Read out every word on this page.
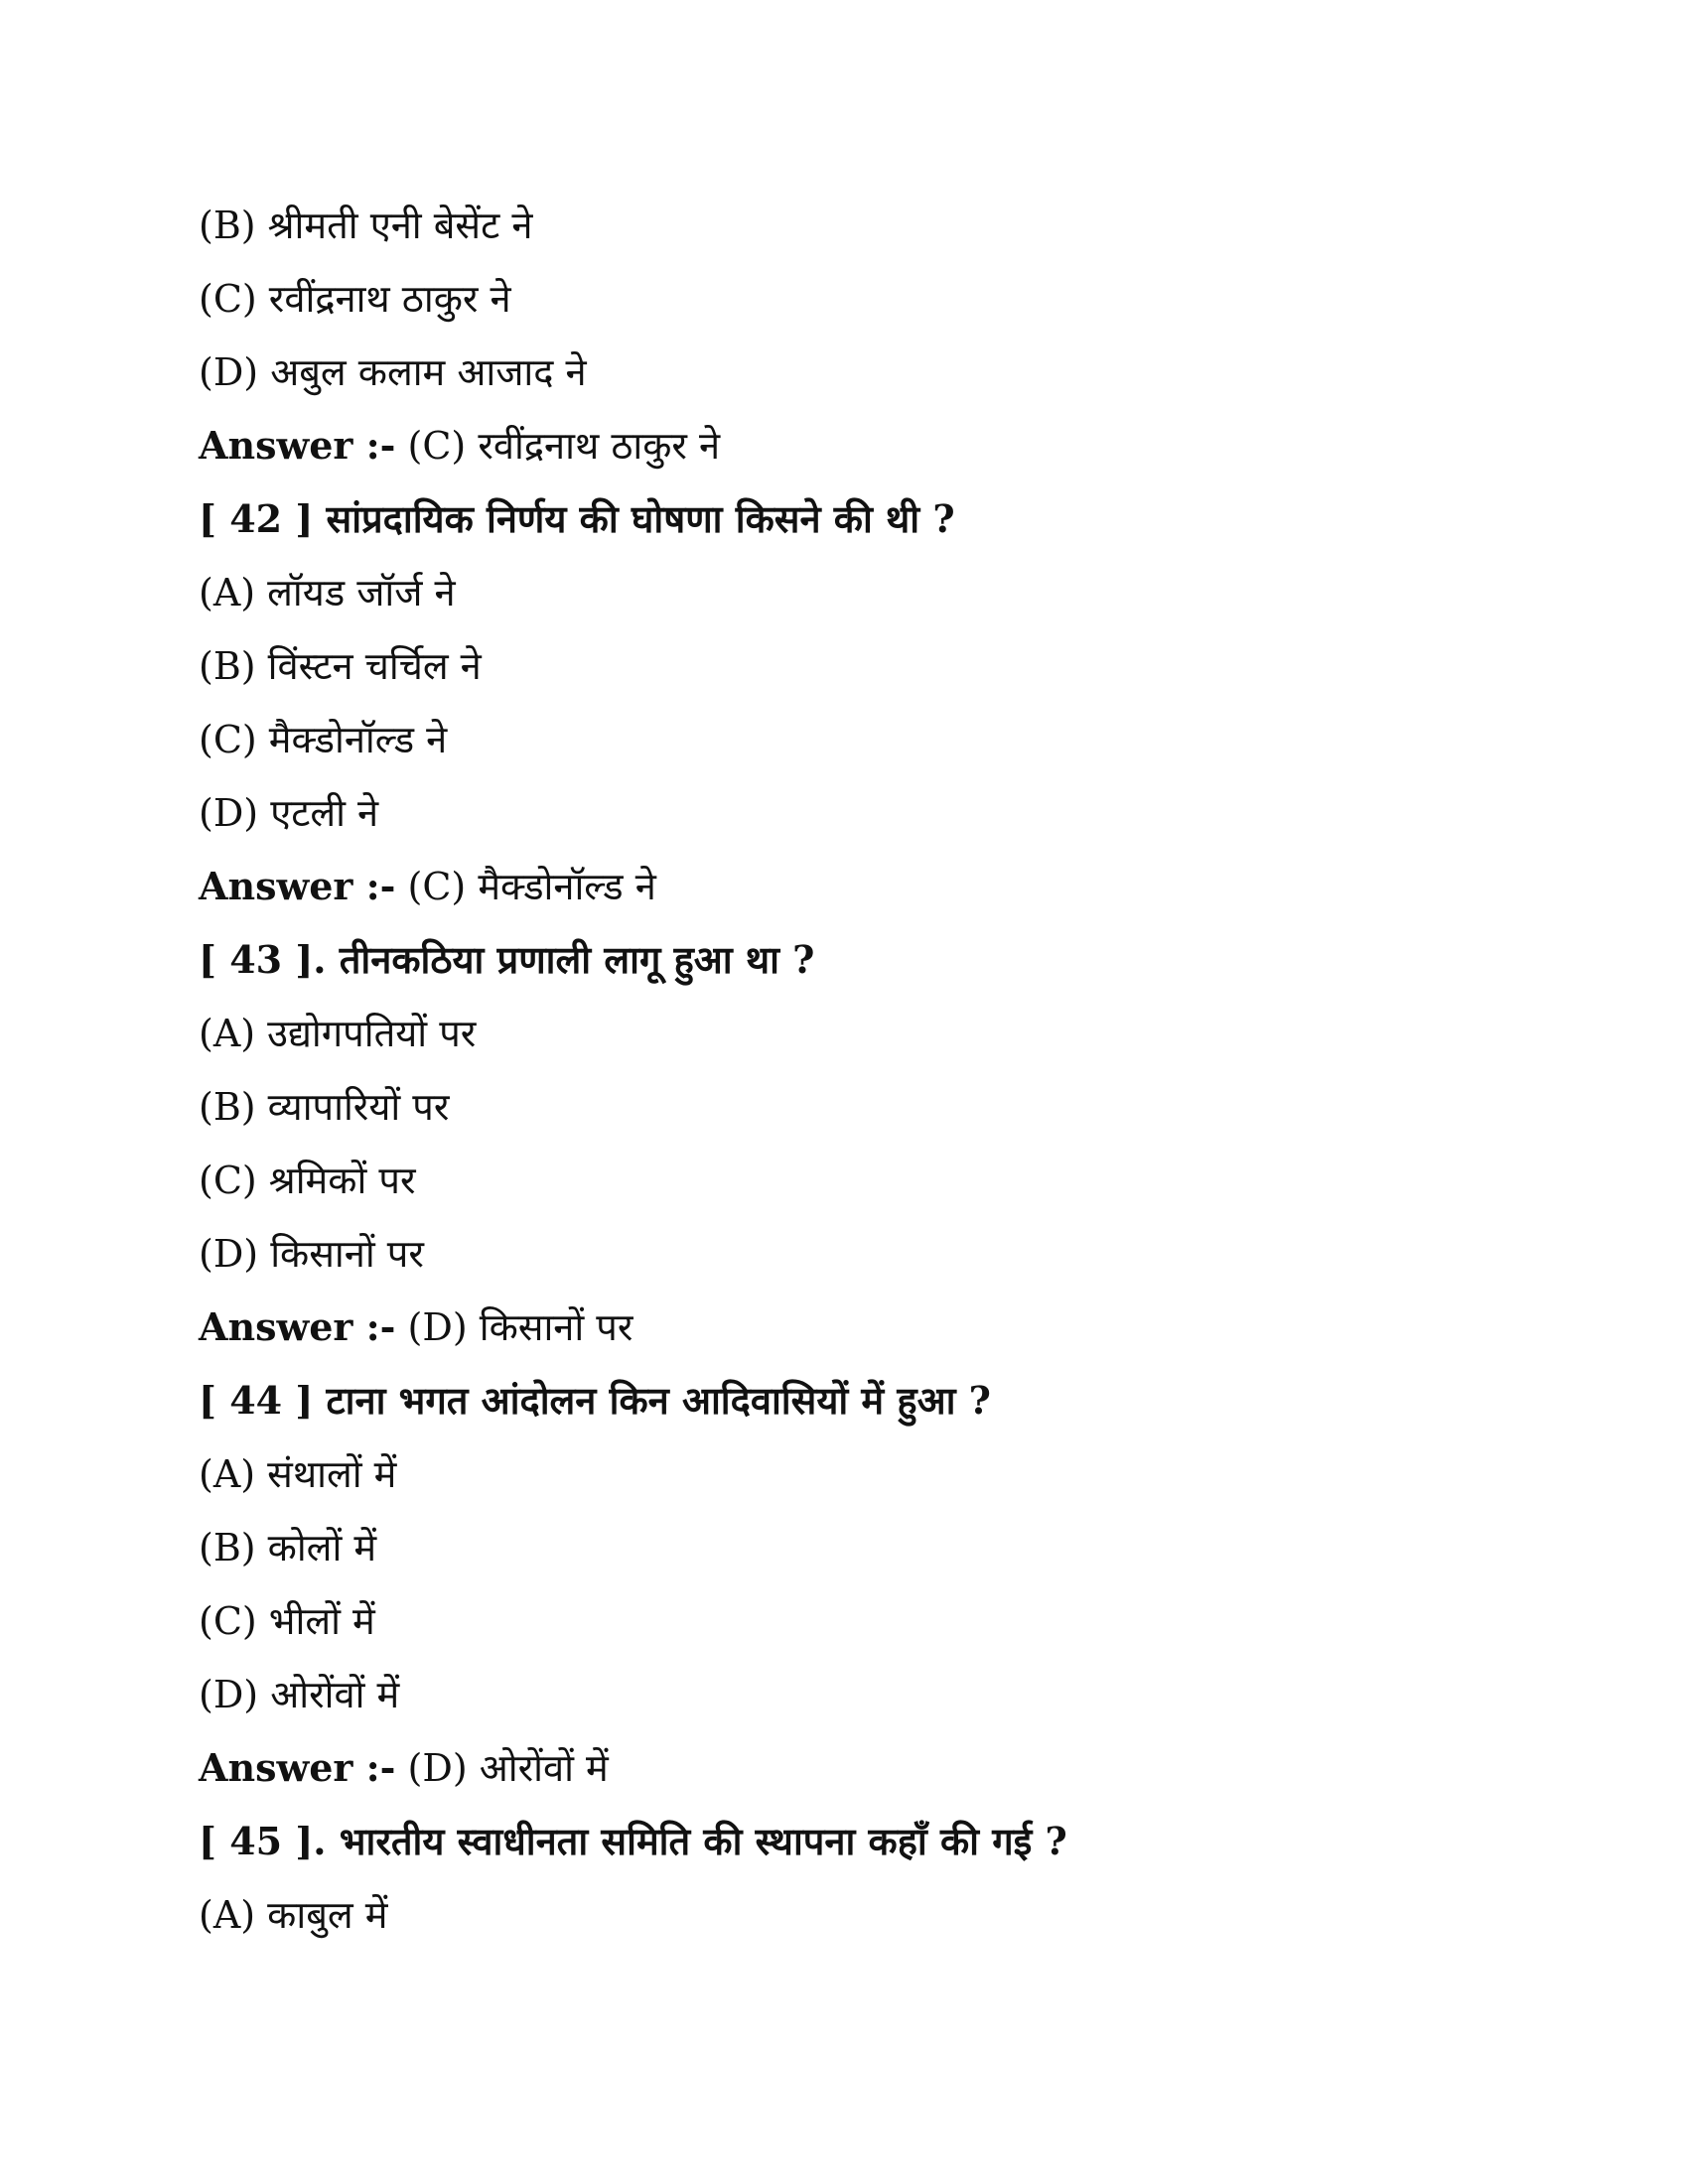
(B) श्रीमती एनी बेसेंट ने
(C) रवींद्रनाथ ठाकुर ने
(D) अबुल कलाम आजाद ने
Answer :- (C) रवींद्रनाथ ठाकुर ने
[ 42 ] सांप्रदायिक निर्णय की घोषणा किसने की थी ?
(A) लॉयड जॉर्ज ने
(B) विंस्टन चर्चिल ने
(C) मैक्डोनॉल्ड ने
(D) एटली ने
Answer :- (C) मैक्डोनॉल्ड ने
[ 43 ]. तीनकठिया प्रणाली लागू हुआ था ?
(A) उद्योगपतियों पर
(B) व्यापारियों पर
(C) श्रमिकों पर
(D) किसानों पर
Answer :- (D) किसानों पर
[ 44 ] टाना भगत आंदोलन किन आदिवासियों में हुआ ?
(A) संथालों में
(B) कोलों में
(C) भीलों में
(D) ओरोंवों में
Answer :- (D) ओरोंवों में
[ 45 ]. भारतीय स्वाधीनता समिति की स्थापना कहाँ की गई ?
(A) काबुल में
